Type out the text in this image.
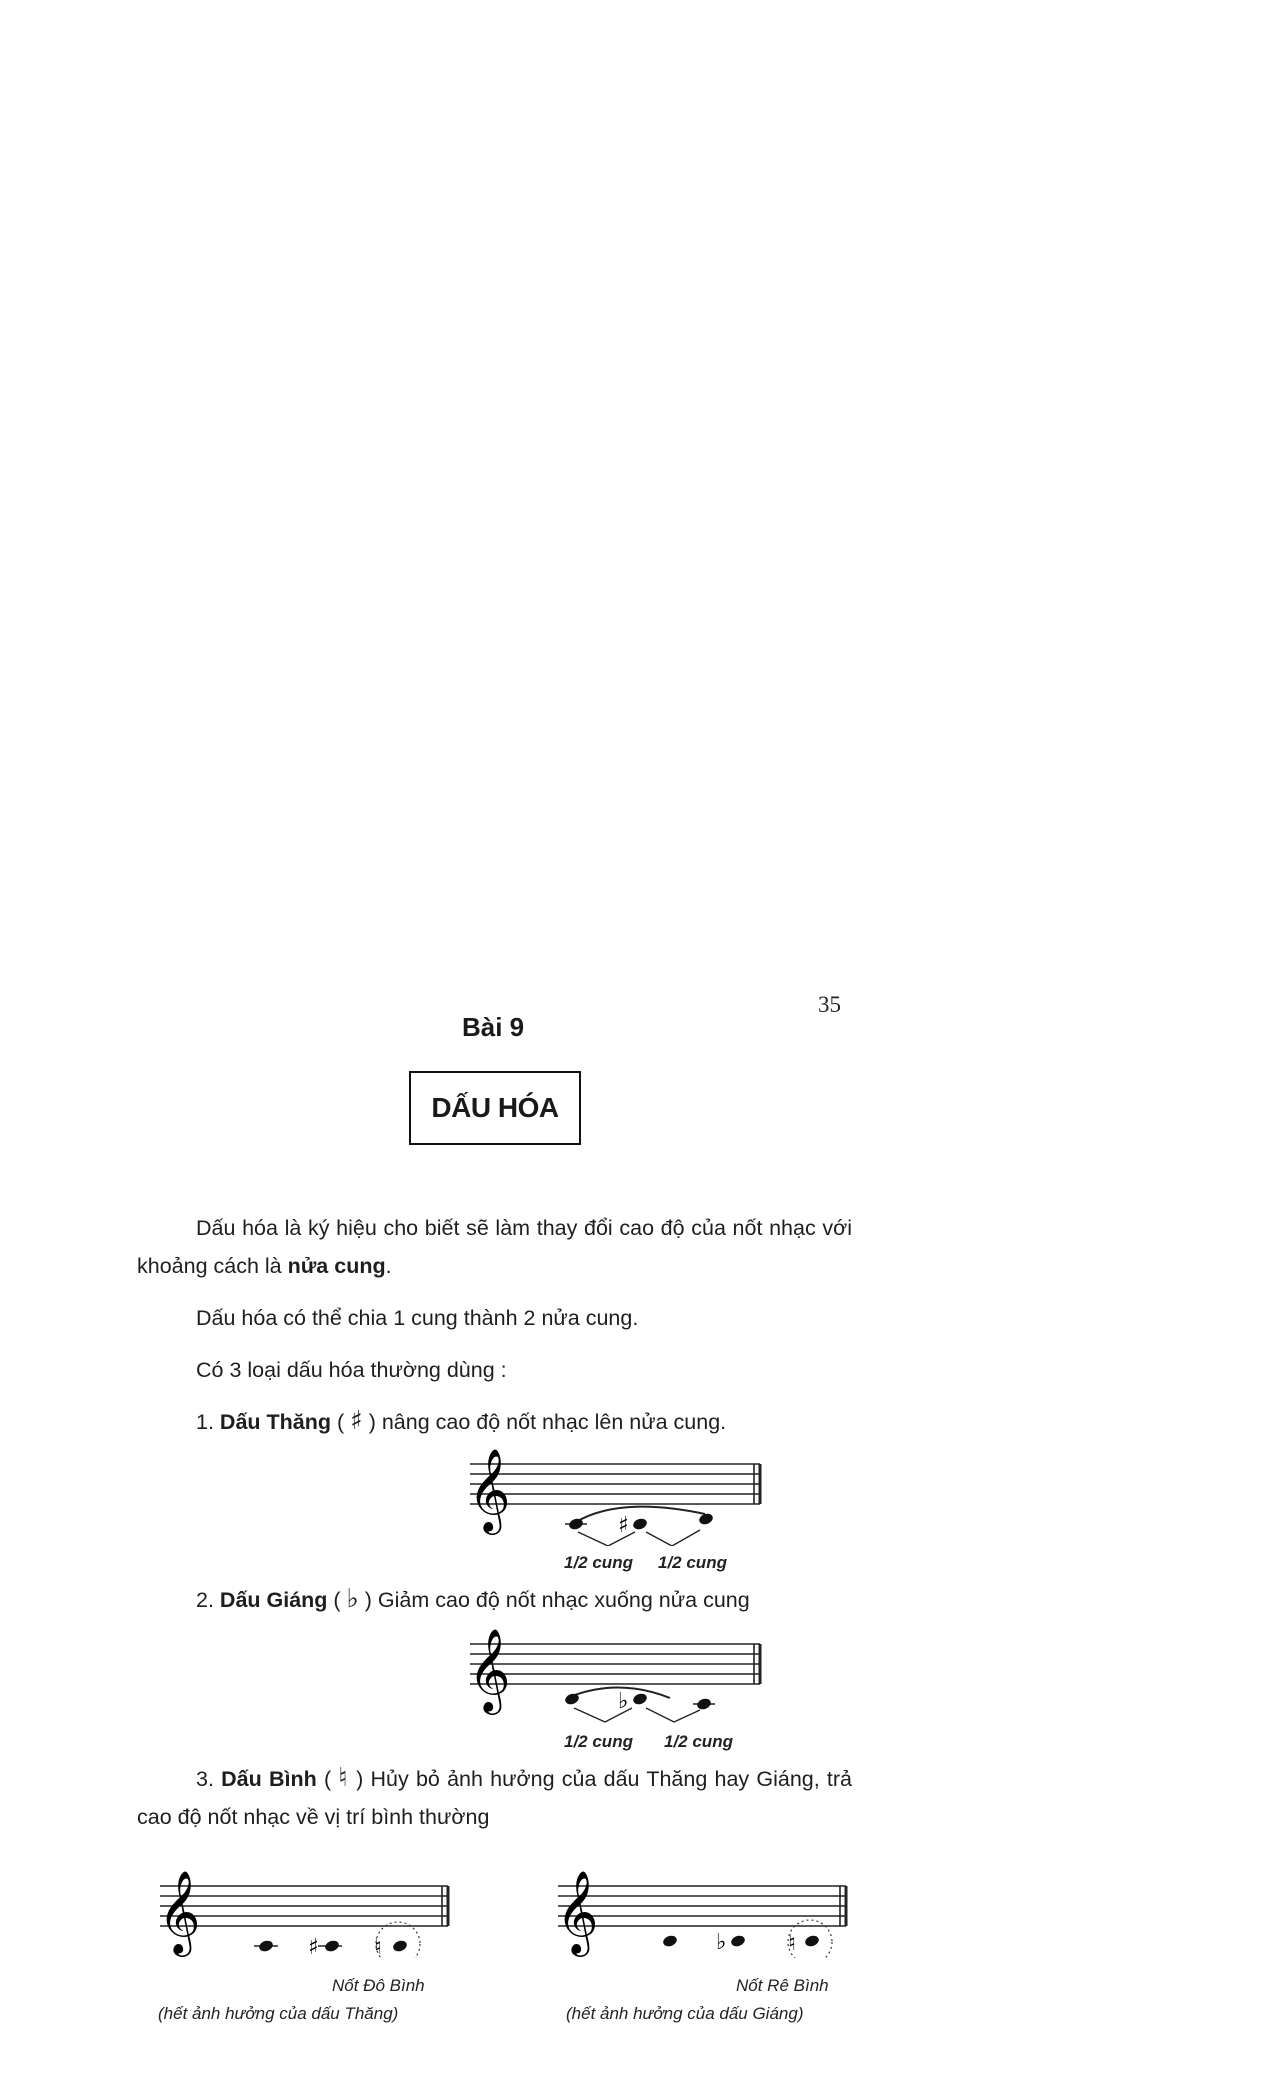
35
Bài 9
DẤU HÓA
Dấu hóa là ký hiệu cho biết sẽ làm thay đổi cao độ của nốt nhạc với khoảng cách là nửa cung.
Dấu hóa có thể chia 1 cung thành 2 nửa cung.
Có 3 loại dấu hóa thường dùng :
1. Dấu Thăng ( ♯ ) nâng cao độ nốt nhạc lên nửa cung.
𝄞	♯
1/2 cung 1/2 cung
2. Dấu Giáng ( ♭ ) Giảm cao độ nốt nhạc xuống nửa cung
𝄞	♭
1/2 cung 1/2 cung
3. Dấu Bình ( ♮ ) Hủy bỏ ảnh hưởng của dấu Thăng hay Giáng, trả cao độ nốt nhạc về vị trí bình thường
𝄞	♯	♮
Nốt Đô Bình
(hết ảnh hưởng của dấu Thăng)
𝄞	♭	♮
Nốt Rê Bình
(hết ảnh hưởng của dấu Giáng)
